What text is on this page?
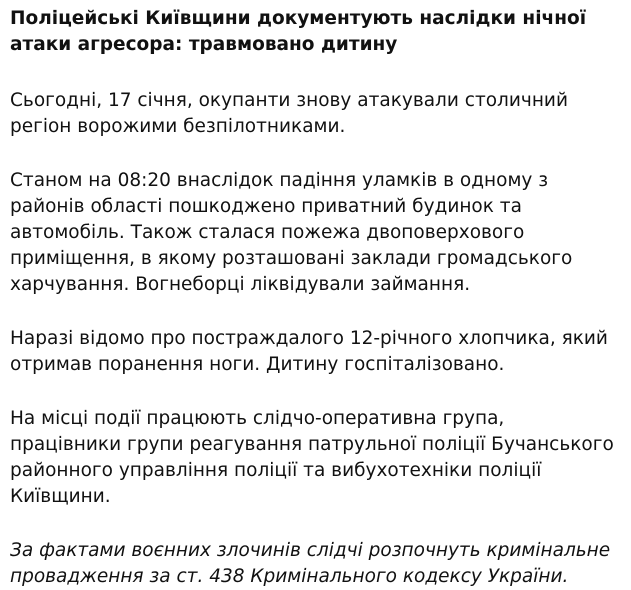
Поліцейські Київщини документують наслідки нічної атаки агресора: травмовано дитину

Сьогодні, 17 січня, окупанти знову атакували столичний регіон ворожими безпілотниками.

Станом на 08:20 внаслідок падіння уламків в одному з районів області пошкоджено приватний будинок та автомобіль. Також сталася пожежа двоповерхового приміщення, в якому розташовані заклади громадського харчування. Вогнеборці ліквідували займання.

Наразі відомо про постраждалого 12-річного хлопчика, який отримав поранення ноги. Дитину госпіталізовано.

На місці події працюють слідчо-оперативна група, працівники групи реагування патрульної поліції Бучанського районного управління поліції та вибухотехніки поліції Київщини.

За фактами воєнних злочинів слідчі розпочнуть кримінальне провадження за ст. 438 Кримінального кодексу України.
